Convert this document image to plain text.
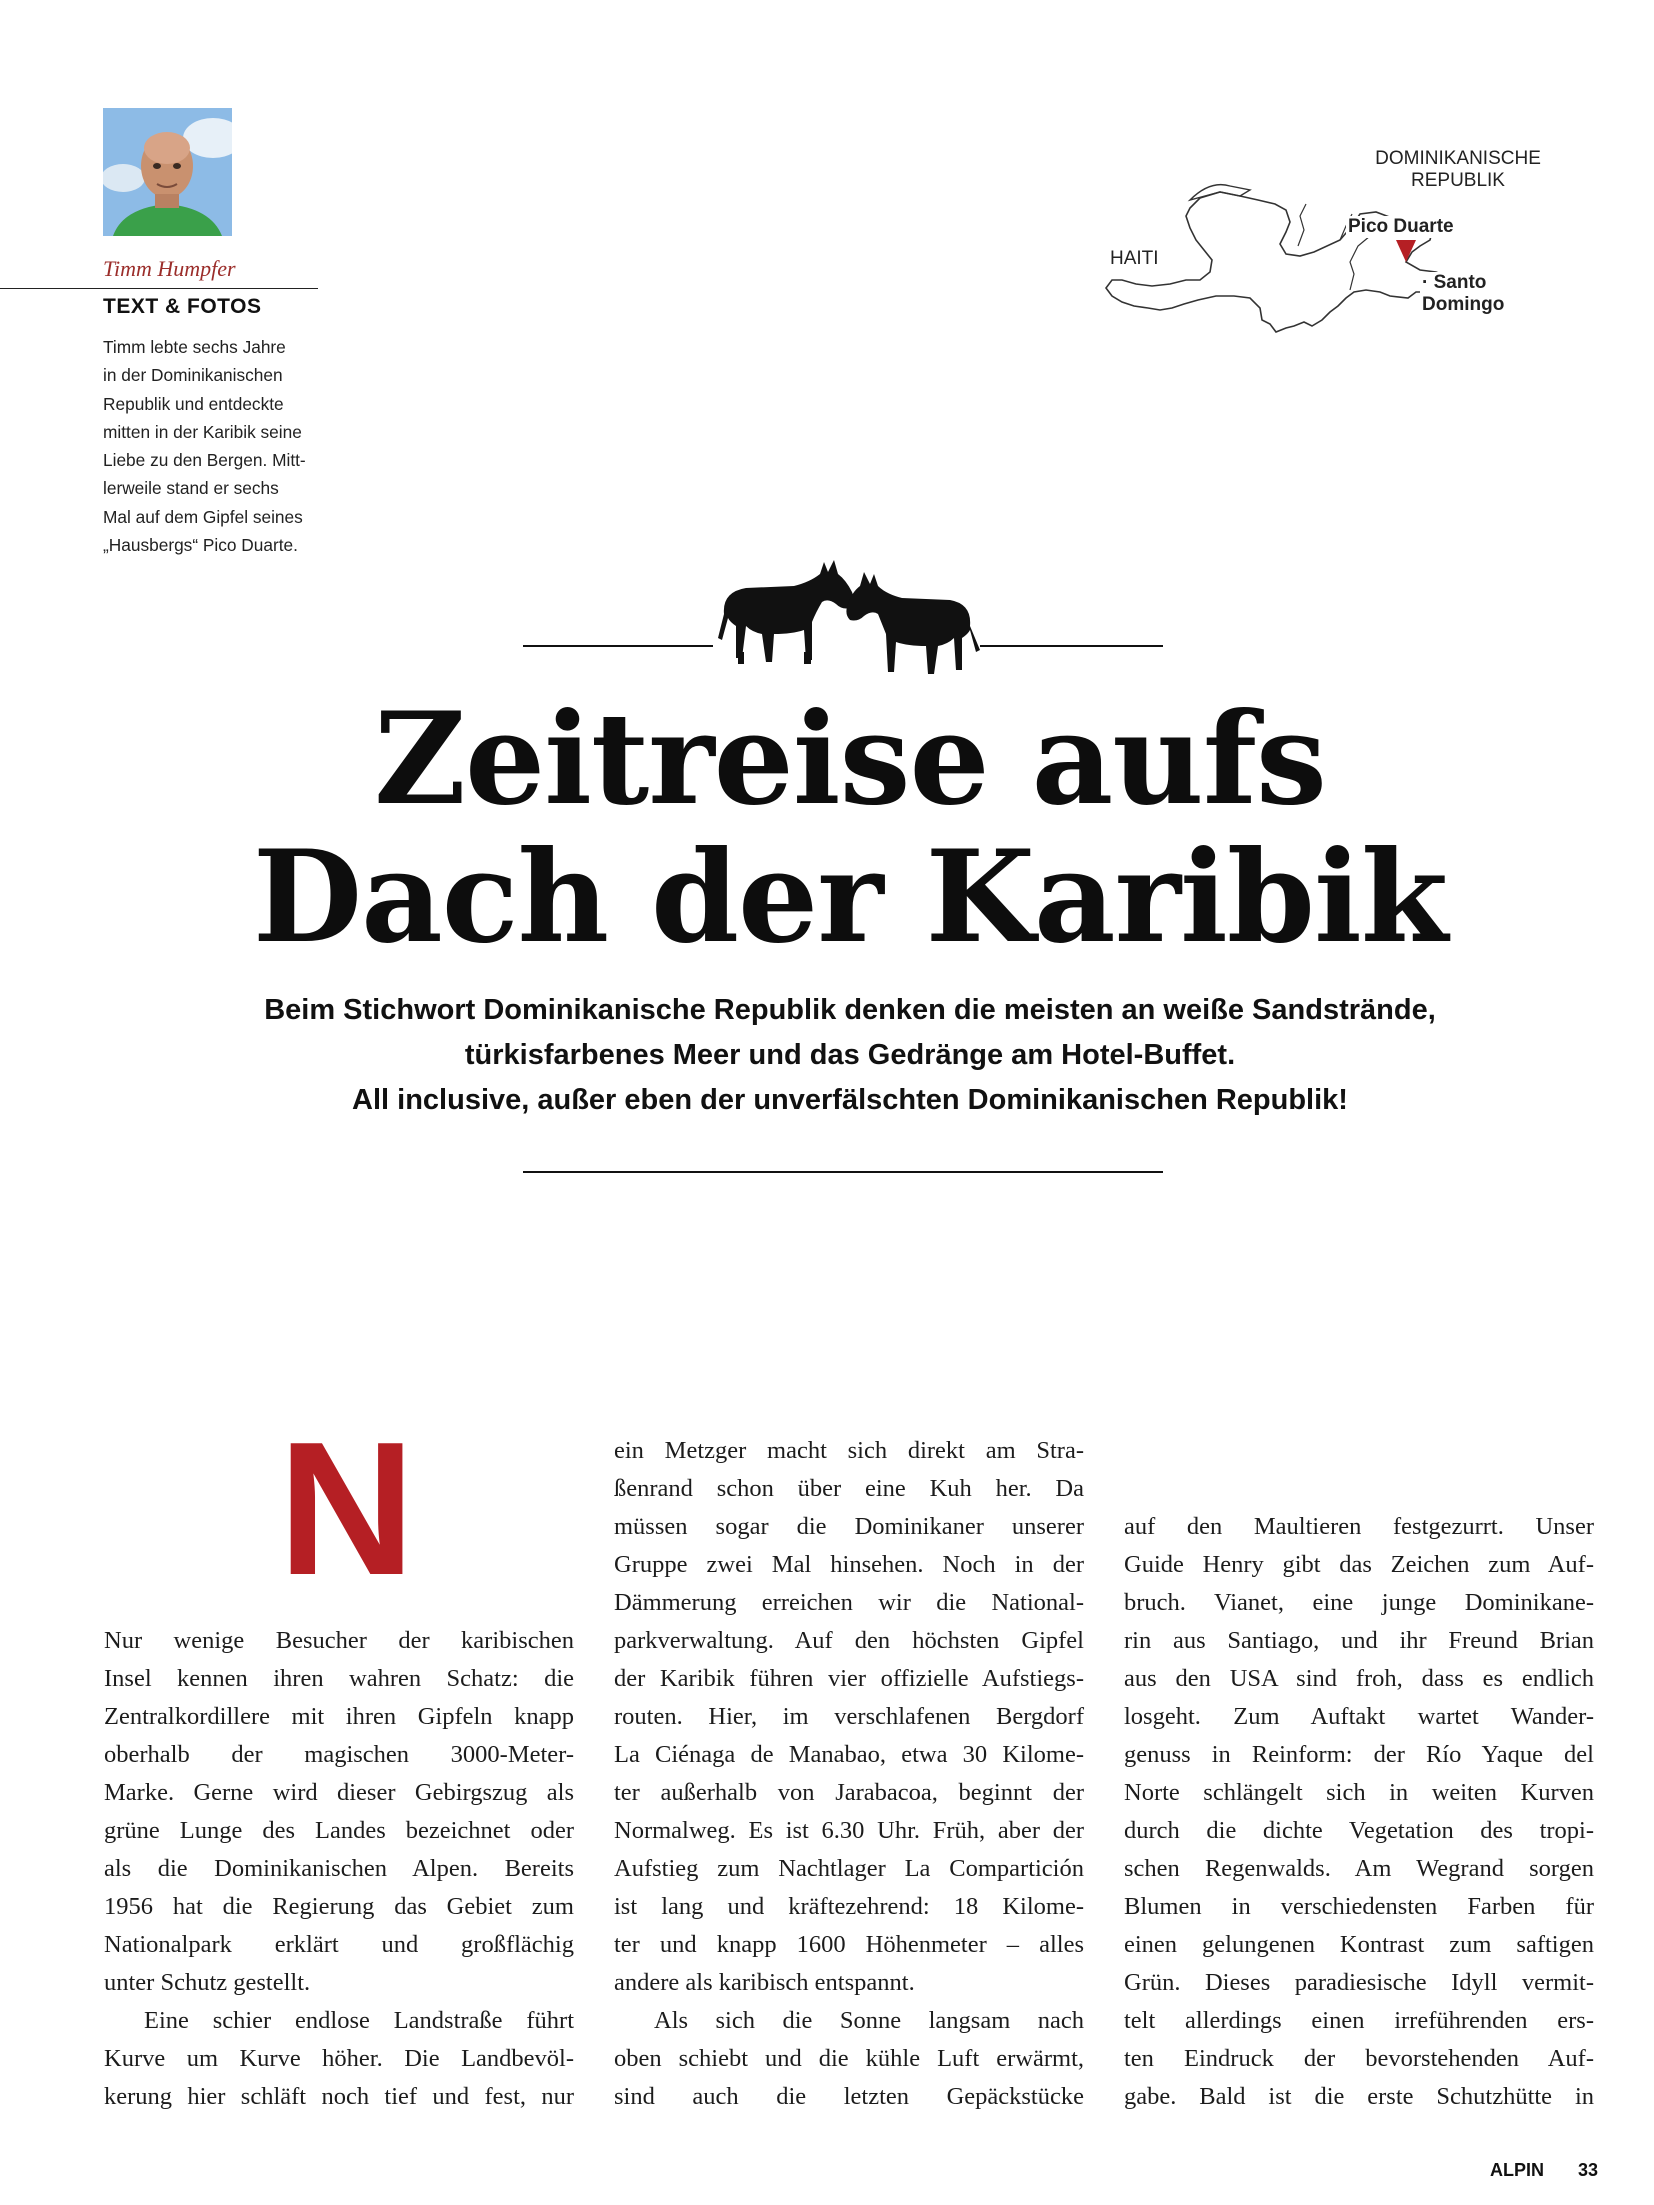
Timm Humpfer
TEXT & FOTOS
Timm lebte sechs Jahre
in der Dominikanischen
Republik und entdeckte
mitten in der Karibik seine
Liebe zu den Bergen. Mitt-
lerweile stand er sechs
Mal auf dem Gipfel seines
„Hausbergs“ Pico Duarte.
DOMINIKANISCHE
REPUBLIK
HAITI
Pico Duarte
· Santo Domingo
Zeitreise aufs
Dach der Karibik
Beim Stichwort Dominikanische Republik denken die meisten an weiße Sandstrände,
türkisfarbenes Meer und das Gedränge am Hotel-Buffet.
All inclusive, außer eben der unverfälschten Dominikanischen Republik!
N
Nur wenige Besucher der karibischen
Insel kennen ihren wahren Schatz: die
Zentralkordillere mit ihren Gipfeln knapp
oberhalb der magischen 3000-Meter-
Marke. Gerne wird dieser Gebirgszug als
grüne Lunge des Landes bezeichnet oder
als die Dominikanischen Alpen. Bereits
1956 hat die Regierung das Gebiet zum
Nationalpark erklärt und großflächig
unter Schutz gestellt.
Eine schier endlose Landstraße führt
Kurve um Kurve höher. Die Landbevöl-
kerung hier schläft noch tief und fest, nur
ein Metzger macht sich direkt am Stra-
ßenrand schon über eine Kuh her. Da
müssen sogar die Dominikaner unserer
Gruppe zwei Mal hinsehen. Noch in der
Dämmerung erreichen wir die National-
parkverwaltung. Auf den höchsten Gipfel
der Karibik führen vier offizielle Aufstiegs-
routen. Hier, im verschlafenen Bergdorf
La Ciénaga de Manabao, etwa 30 Kilome-
ter außerhalb von Jarabacoa, beginnt der
Normalweg. Es ist 6.30 Uhr. Früh, aber der
Aufstieg zum Nachtlager La Compartición
ist lang und kräftezehrend: 18 Kilome-
ter und knapp 1600 Höhenmeter – alles
andere als karibisch entspannt.
Als sich die Sonne langsam nach
oben schiebt und die kühle Luft erwärmt,
sind auch die letzten Gepäckstücke
auf den Maultieren festgezurrt. Unser
Guide Henry gibt das Zeichen zum Auf-
bruch. Vianet, eine junge Dominikane-
rin aus Santiago, und ihr Freund Brian
aus den USA sind froh, dass es endlich
losgeht. Zum Auftakt wartet Wander-
genuss in Reinform: der Río Yaque del
Norte schlängelt sich in weiten Kurven
durch die dichte Vegetation des tropi-
schen Regenwalds. Am Wegrand sorgen
Blumen in verschiedensten Farben für
einen gelungenen Kontrast zum saftigen
Grün. Dieses paradiesische Idyll vermit-
telt allerdings einen irreführenden ers-
ten Eindruck der bevorstehenden Auf-
gabe. Bald ist die erste Schutzhütte in
ALPIN 33
